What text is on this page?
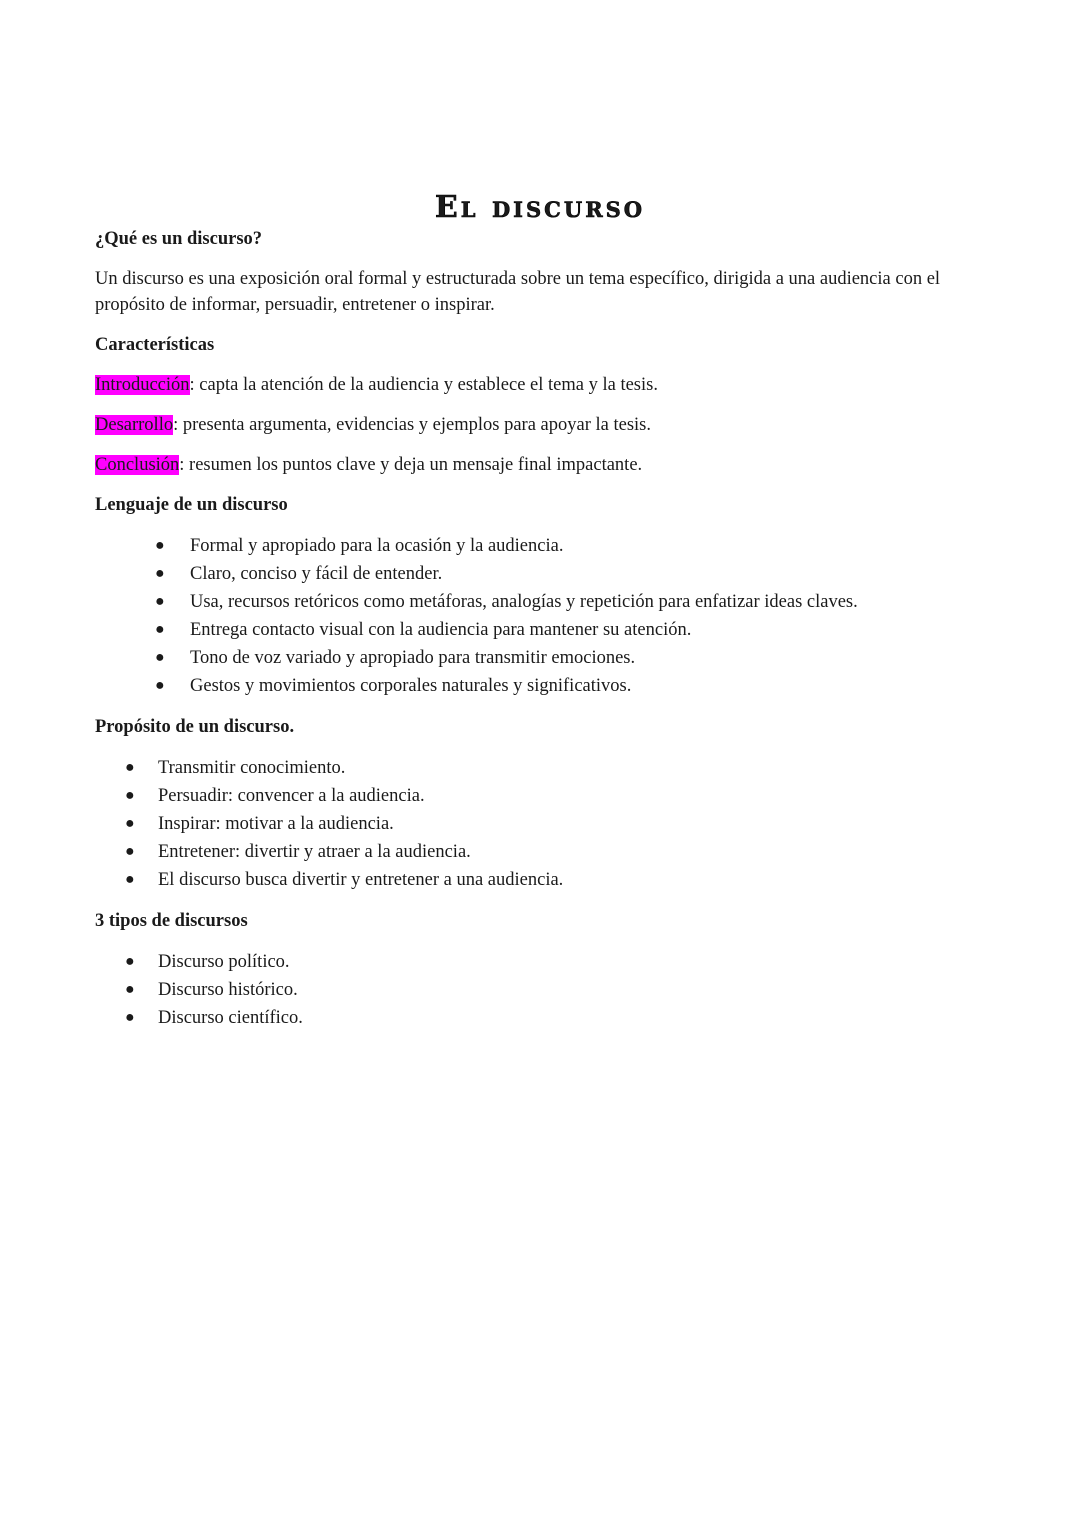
El discurso

¿Qué es un discurso?

Un discurso es una exposición oral formal y estructurada sobre un tema específico, dirigida a una audiencia con el propósito de informar, persuadir, entretener o inspirar.

Características

Introducción: capta la atención de la audiencia y establece el tema y la tesis.

Desarrollo: presenta argumenta, evidencias y ejemplos para apoyar la tesis.

Conclusión: resumen los puntos clave y deja un mensaje final impactante.

Lenguaje de un discurso

● Formal y apropiado para la ocasión y la audiencia.
● Claro, conciso y fácil de entender.
● Usa, recursos retóricos como metáforas, analogías y repetición para enfatizar ideas claves.
● Entrega contacto visual con la audiencia para mantener su atención.
● Tono de voz variado y apropiado para transmitir emociones.
● Gestos y movimientos corporales naturales y significativos.

Propósito de un discurso.

● Transmitir conocimiento.
● Persuadir: convencer a la audiencia.
● Inspirar: motivar a la audiencia.
● Entretener: divertir y atraer a la audiencia.
● El discurso busca divertir y entretener a una audiencia.

3 tipos de discursos

● Discurso político.
● Discurso histórico.
● Discurso científico.
